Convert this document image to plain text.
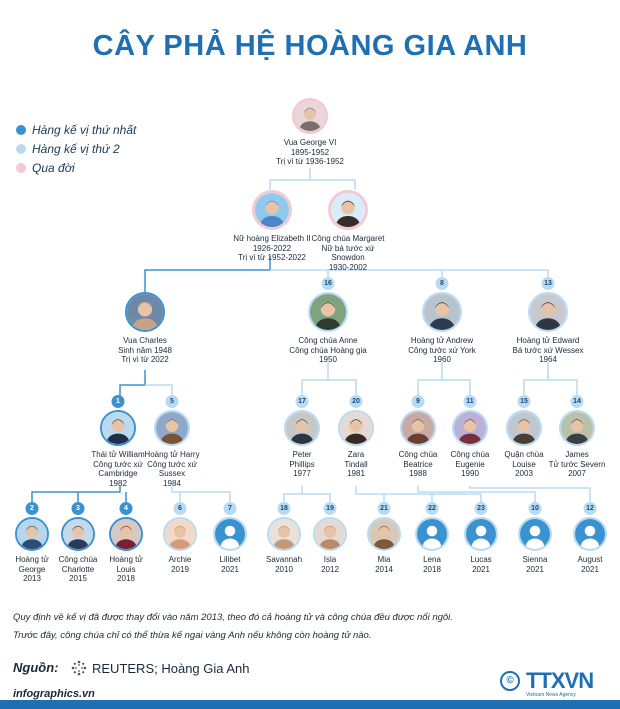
CÂY PHẢ HỆ HOÀNG GIA ANH
Hàng kế vị thứ nhất
Hàng kế vị thứ 2
Qua đời
Vua George VI
1895-1952
Trị vì từ 1936-1952
Nữ hoàng Elizabeth II
1926-2022
Trị vì từ 1952-2022
Công chúa Margaret
Nữ bá tước xứ Snowdon
1930-2002
Vua Charles
Sinh năm 1948
Trị vì từ 2022
16
Công chúa Anne
Công chúa Hoàng gia
1950
8
Hoàng tử Andrew
Công tước xứ York
1960
13
Hoàng tử Edward
Bá tước xứ Wessex
1964
1
Thái tử William
Công tước xứ
Cambridge
1982
5
Hoàng tử Harry
Công tước xứ
Sussex
1984
17
Peter
Phillips
1977
20
Zara
Tindall
1981
9
Công chúa
Beatrice
1988
11
Công chúa
Eugenie
1990
15
Quận chúa
Louise
2003
14
James
Tử tước Severn
2007
2
Hoàng tử
George
2013
3
Công chúa
Charlotte
2015
4
Hoàng tử
Louis
2018
6
Archie
2019
7
Lilibet
2021
18
Savannah
2010
19
Isla
2012
21
Mia
2014
22
Lena
2018
23
Lucas
2021
10
Sienna
2021
12
August
2021
Quy định về kế vị đã được thay đổi vào năm 2013, theo đó cả hoàng tử và công chúa đều được nối ngôi.
Trước đây, công chúa chỉ có thể thừa kế ngai vàng Anh nếu không còn hoàng tử nào.
Nguồn:	REUTERS; Hoàng Gia Anh
infographics.vn
© TTXVN
Vietnam News Agency
